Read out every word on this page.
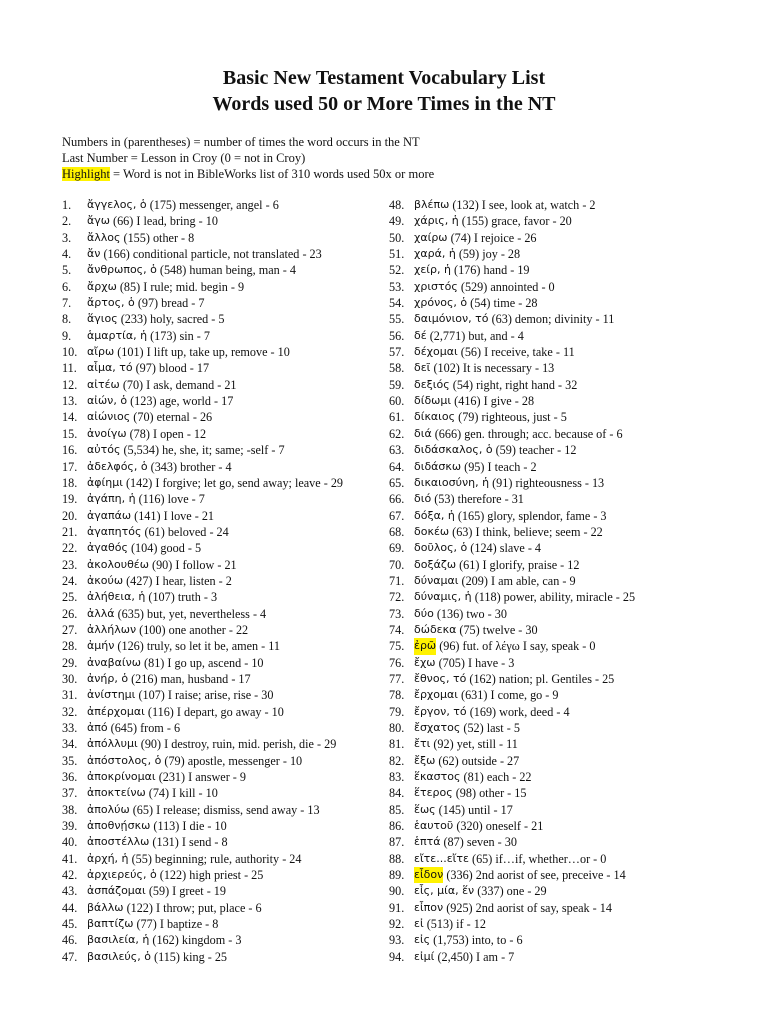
Basic New Testament Vocabulary List
Words used 50 or More Times in the NT
Numbers in (parentheses) = number of times the word occurs in the NT
Last Number = Lesson in Croy (0 = not in Croy)
Highlight = Word is not in BibleWorks list of 310 words used 50x or more
1.	ἄγγελος, ὁ (175) messenger, angel - 6
2.	ἄγω (66) I lead, bring - 10
3.	ἄλλος (155) other - 8
4.	ἄν (166) conditional particle, not translated - 23
5.	ἄνθρωπος, ὁ (548) human being, man - 4
6.	ἄρχω (85) I rule; mid. begin - 9
7.	ἄρτος, ὁ (97) bread - 7
8.	ἅγιος (233) holy, sacred - 5
9.	ἁμαρτία, ἡ (173) sin - 7
10. αἴρω (101) I lift up, take up, remove - 10
11. αἷμα, τό (97) blood - 17
12. αἰτέω (70) I ask, demand - 21
13. αἰών, ὁ (123) age, world - 17
14. αἰώνιος (70) eternal - 26
15. ἀνοίγω (78) I open - 12
16. αὐτός (5,534) he, she, it; same; -self - 7
17. ἀδελφός, ὁ (343) brother - 4
18. ἀφίημι (142) I forgive; let go, send away; leave - 29
19. ἀγάπη, ἡ (116) love - 7
20. ἀγαπάω (141) I love - 21
21. ἀγαπητός (61) beloved - 24
22. ἀγαθός (104) good - 5
23. ἀκολουθέω (90) I follow - 21
24. ἀκούω (427) I hear, listen - 2
25. ἀλήθεια, ἡ (107) truth - 3
26. ἀλλά (635) but, yet, nevertheless - 4
27. ἀλλήλων (100) one another - 22
28. ἀμήν (126) truly, so let it be, amen - 11
29. ἀναβαίνω (81) I go up, ascend - 10
30. ἀνήρ, ὁ (216) man, husband - 17
31. ἀνίστημι (107) I raise; arise, rise - 30
32. ἀπέρχομαι (116) I depart, go away - 10
33. ἀπό (645) from - 6
34. ἀπόλλυμι (90) I destroy, ruin, mid. perish, die - 29
35. ἀπόστολος, ὁ (79) apostle, messenger - 10
36. ἀποκρίνομαι (231) I answer - 9
37. ἀποκτείνω (74) I kill - 10
38. ἀπολύω (65) I release; dismiss, send away - 13
39. ἀποθνῄσκω (113) I die - 10
40. ἀποστέλλω (131) I send - 8
41. ἀρχή, ἡ (55) beginning; rule, authority - 24
42. ἀρχιερεύς, ὁ (122) high priest - 25
43. ἀσπάζομαι (59) I greet - 19
44. βάλλω (122) I throw; put, place - 6
45. βαπτίζω (77) I baptize - 8
46. βασιλεία, ἡ (162) kingdom - 3
47. βασιλεύς, ὁ (115) king - 25
48. βλέπω (132) I see, look at, watch - 2
49. χάρις, ἡ (155) grace, favor - 20
50. χαίρω (74) I rejoice - 26
51. χαρά, ἡ (59) joy - 28
52. χείρ, ἡ (176) hand - 19
53. χριστός (529) annointed - 0
54. χρόνος, ὁ (54) time - 28
55. δαιμόνιον, τό (63) demon; divinity - 11
56. δέ (2,771) but, and - 4
57. δέχομαι (56) I receive, take - 11
58. δεῖ (102) It is necessary - 13
59. δεξιός (54) right, right hand - 32
60. δίδωμι (416) I give - 28
61. δίκαιος (79) righteous, just - 5
62. διά (666) gen. through; acc. because of - 6
63. διδάσκαλος, ὁ (59) teacher - 12
64. διδάσκω (95) I teach - 2
65. δικαιοσύνη, ἡ (91) righteousness - 13
66. διό (53) therefore - 31
67. δόξα, ἡ (165) glory, splendor, fame - 3
68. δοκέω (63) I think, believe; seem - 22
69. δοῦλος, ὁ (124) slave - 4
70. δοξάζω (61) I glorify, praise - 12
71. δύναμαι (209) I am able, can - 9
72. δύναμις, ἡ (118) power, ability, miracle - 25
73. δύο (136) two - 30
74. δώδεκα (75) twelve - 30
75. ἐρῶ (96) fut. of λέγω I say, speak - 0
76. ἔχω (705) I have - 3
77. ἔθνος, τό (162) nation; pl. Gentiles - 25
78. ἔρχομαι (631) I come, go - 9
79. ἔργον, τό (169) work, deed - 4
80. ἔσχατος (52) last - 5
81. ἔτι (92) yet, still - 11
82. ἔξω (62) outside - 27
83. ἕκαστος (81) each - 22
84. ἕτερος (98) other - 15
85. ἕως (145) until - 17
86. ἑαυτοῦ (320) oneself - 21
87. ἑπτά (87) seven - 30
88. εἴτε...εἴτε (65) if…if, whether…or - 0
89. εἶδον (336) 2nd aorist of see, preceive - 14
90. εἷς, μία, ἕν (337) one - 29
91. εἶπον (925) 2nd aorist of say, speak - 14
92. εἰ (513) if - 12
93. εἰς (1,753) into, to - 6
94. εἰμί (2,450) I am - 7
